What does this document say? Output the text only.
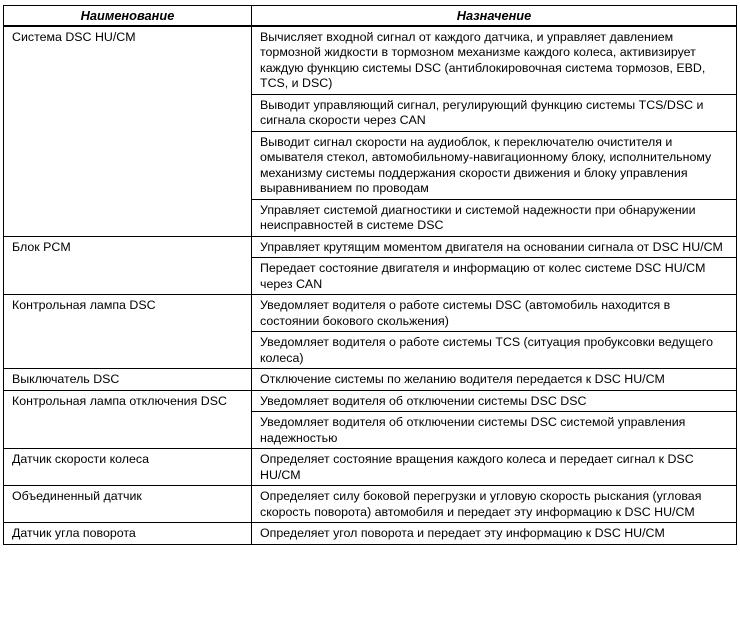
Наименование	Назначение
Система DSC HU/CM	Вычисляет входной сигнал от каждого датчика, и управляет давлением тормозной жидкости в тормозном механизме каждого колеса, активизирует каждую функцию системы DSC (антиблокировочная система тормозов, EBD, TCS, и DSC)
	Выводит управляющий сигнал, регулирующий функцию системы TCS/DSC и сигнала скорости через CAN
	Выводит сигнал скорости на аудиоблок, к переключателю очистителя и омывателя стекол, автомобильному-навигационному блоку, исполнительному механизму системы поддержания скорости движения и блоку управления выравниванием по проводам
	Управляет системой диагностики и системой надежности при обнаружении неисправностей в системе DSC
Блок PCM	Управляет крутящим моментом двигателя на основании сигнала от DSC HU/CM
	Передает состояние двигателя и информацию от колес системе DSC HU/CM через CAN
Контрольная лампа DSC	Уведомляет водителя о работе системы DSC (автомобиль находится в состоянии бокового скольжения)
	Уведомляет водителя о работе системы TCS (ситуация пробуксовки ведущего колеса)
Выключатель DSC	Отключение системы по желанию водителя передается к DSC HU/CM
Контрольная лампа отключения DSC	Уведомляет водителя об отключении системы DSC DSC
	Уведомляет водителя об отключении системы DSC системой управления надежностью
Датчик скорости колеса	Определяет состояние вращения каждого колеса и передает сигнал к DSC HU/CM
Объединенный датчик	Определяет силу боковой перегрузки и угловую скорость рыскания (угловая скорость поворота) автомобиля и передает эту информацию к DSC HU/CM
Датчик угла поворота	Определяет угол поворота и передает эту информацию к DSC HU/CM
